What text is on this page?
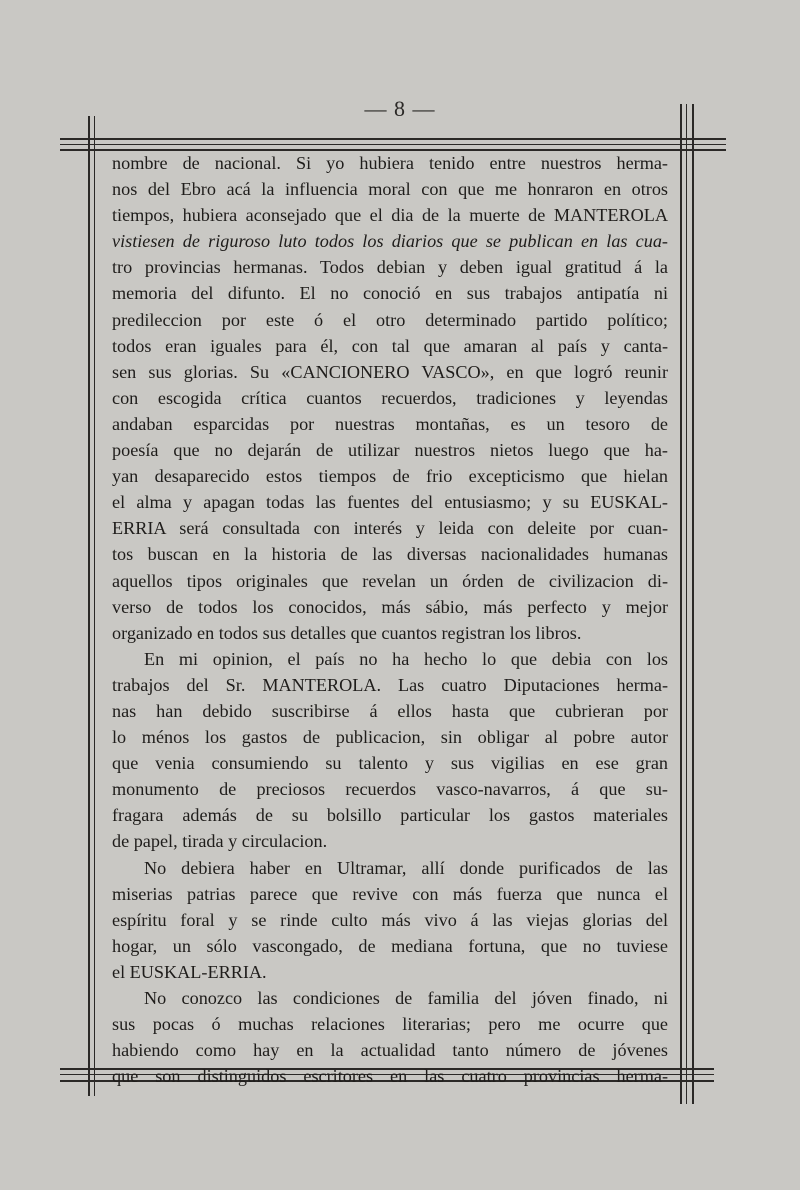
— 8 —
nombre de nacional. Si yo hubiera tenido entre nuestros herma-
nos del Ebro acá la influencia moral con que me honraron en otros
tiempos, hubiera aconsejado que el dia de la muerte de MANTEROLA
vistiesen de riguroso luto todos los diarios que se publican en las cua-
tro provincias hermanas. Todos debian y deben igual gratitud á la
memoria del difunto. El no conoció en sus trabajos antipatía ni
predileccion por este ó el otro determinado partido político;
todos eran iguales para él, con tal que amaran al país y canta-
sen sus glorias. Su «CANCIONERO VASCO», en que logró reunir
con escogida crítica cuantos recuerdos, tradiciones y leyendas
andaban esparcidas por nuestras montañas, es un tesoro de
poesía que no dejarán de utilizar nuestros nietos luego que ha-
yan desaparecido estos tiempos de frio excepticismo que hielan
el alma y apagan todas las fuentes del entusiasmo; y su EUSKAL-
ERRIA será consultada con interés y leida con deleite por cuan-
tos buscan en la historia de las diversas nacionalidades humanas
aquellos tipos originales que revelan un órden de civilizacion di-
verso de todos los conocidos, más sábio, más perfecto y mejor
organizado en todos sus detalles que cuantos registran los libros.
En mi opinion, el país no ha hecho lo que debia con los
trabajos del Sr. MANTEROLA. Las cuatro Diputaciones herma-
nas han debido suscribirse á ellos hasta que cubrieran por
lo ménos los gastos de publicacion, sin obligar al pobre autor
que venia consumiendo su talento y sus vigilias en ese gran
monumento de preciosos recuerdos vasco-navarros, á que su-
fragara además de su bolsillo particular los gastos materiales
de papel, tirada y circulacion.
No debiera haber en Ultramar, allí donde purificados de las
miserias patrias parece que revive con más fuerza que nunca el
espíritu foral y se rinde culto más vivo á las viejas glorias del
hogar, un sólo vascongado, de mediana fortuna, que no tuviese
el EUSKAL-ERRIA.
No conozco las condiciones de familia del jóven finado, ni
sus pocas ó muchas relaciones literarias; pero me ocurre que
habiendo como hay en la actualidad tanto número de jóvenes
que son distinguidos escritores en las cuatro provincias herma-
